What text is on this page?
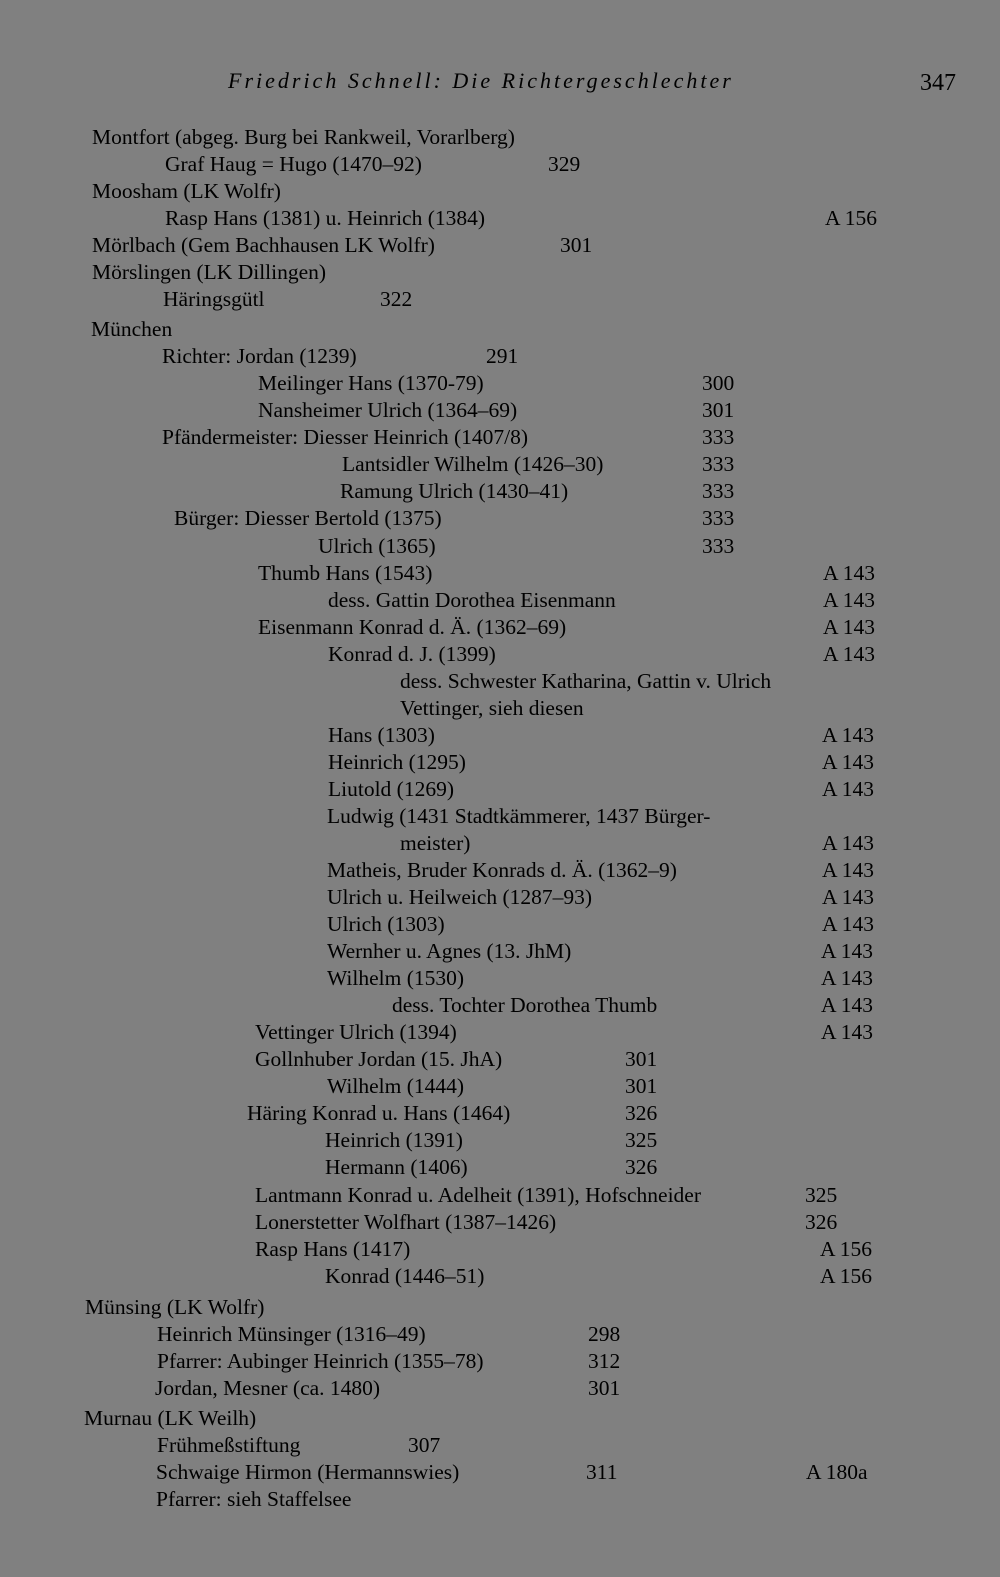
Friedrich Schnell: Die Richtergeschlechter	347
Montfort (abgeg. Burg bei Rankweil, Vorarlberg)
Graf Haug = Hugo (1470–92)	329
Moosham (LK Wolfr)
Rasp Hans (1381) u. Heinrich (1384)	A 156
Mörlbach (Gem Bachhausen LK Wolfr)	301
Mörslingen (LK Dillingen)
Häringsgütl	322
München
Richter: Jordan (1239)	291
Meilinger Hans (1370-79)	300
Nansheimer Ulrich (1364–69)	301
Pfändermeister: Diesser Heinrich (1407/8)	333
Lantsidler Wilhelm (1426–30)	333
Ramung Ulrich (1430–41)	333
Bürger: Diesser Bertold (1375)	333
Ulrich (1365)	333
Thumb Hans (1543)	A 143
dess. Gattin Dorothea Eisenmann	A 143
Eisenmann Konrad d. Ä. (1362–69)	A 143
Konrad d. J. (1399)	A 143
dess. Schwester Katharina, Gattin v. Ulrich
Vettinger, sieh diesen
Hans (1303)	A 143
Heinrich (1295)	A 143
Liutold (1269)	A 143
Ludwig (1431 Stadtkämmerer, 1437 Bürger-
meister)	A 143
Matheis, Bruder Konrads d. Ä. (1362–9)	A 143
Ulrich u. Heilweich (1287–93)	A 143
Ulrich (1303)	A 143
Wernher u. Agnes (13. JhM)	A 143
Wilhelm (1530)	A 143
dess. Tochter Dorothea Thumb	A 143
Vettinger Ulrich (1394)	A 143
Gollnhuber Jordan (15. JhA)	301
Wilhelm (1444)	301
Häring Konrad u. Hans (1464)	326
Heinrich (1391)	325
Hermann (1406)	326
Lantmann Konrad u. Adelheit (1391), Hofschneider	325
Lonerstetter Wolfhart (1387–1426)	326
Rasp Hans (1417)	A 156
Konrad (1446–51)	A 156
Münsing (LK Wolfr)
Heinrich Münsinger (1316–49)	298
Pfarrer: Aubinger Heinrich (1355–78)	312
Jordan, Mesner (ca. 1480)	301
Murnau (LK Weilh)
Frühmeßstiftung	307
Schwaige Hirmon (Hermannswies)	311	A 180a
Pfarrer: sieh Staffelsee
